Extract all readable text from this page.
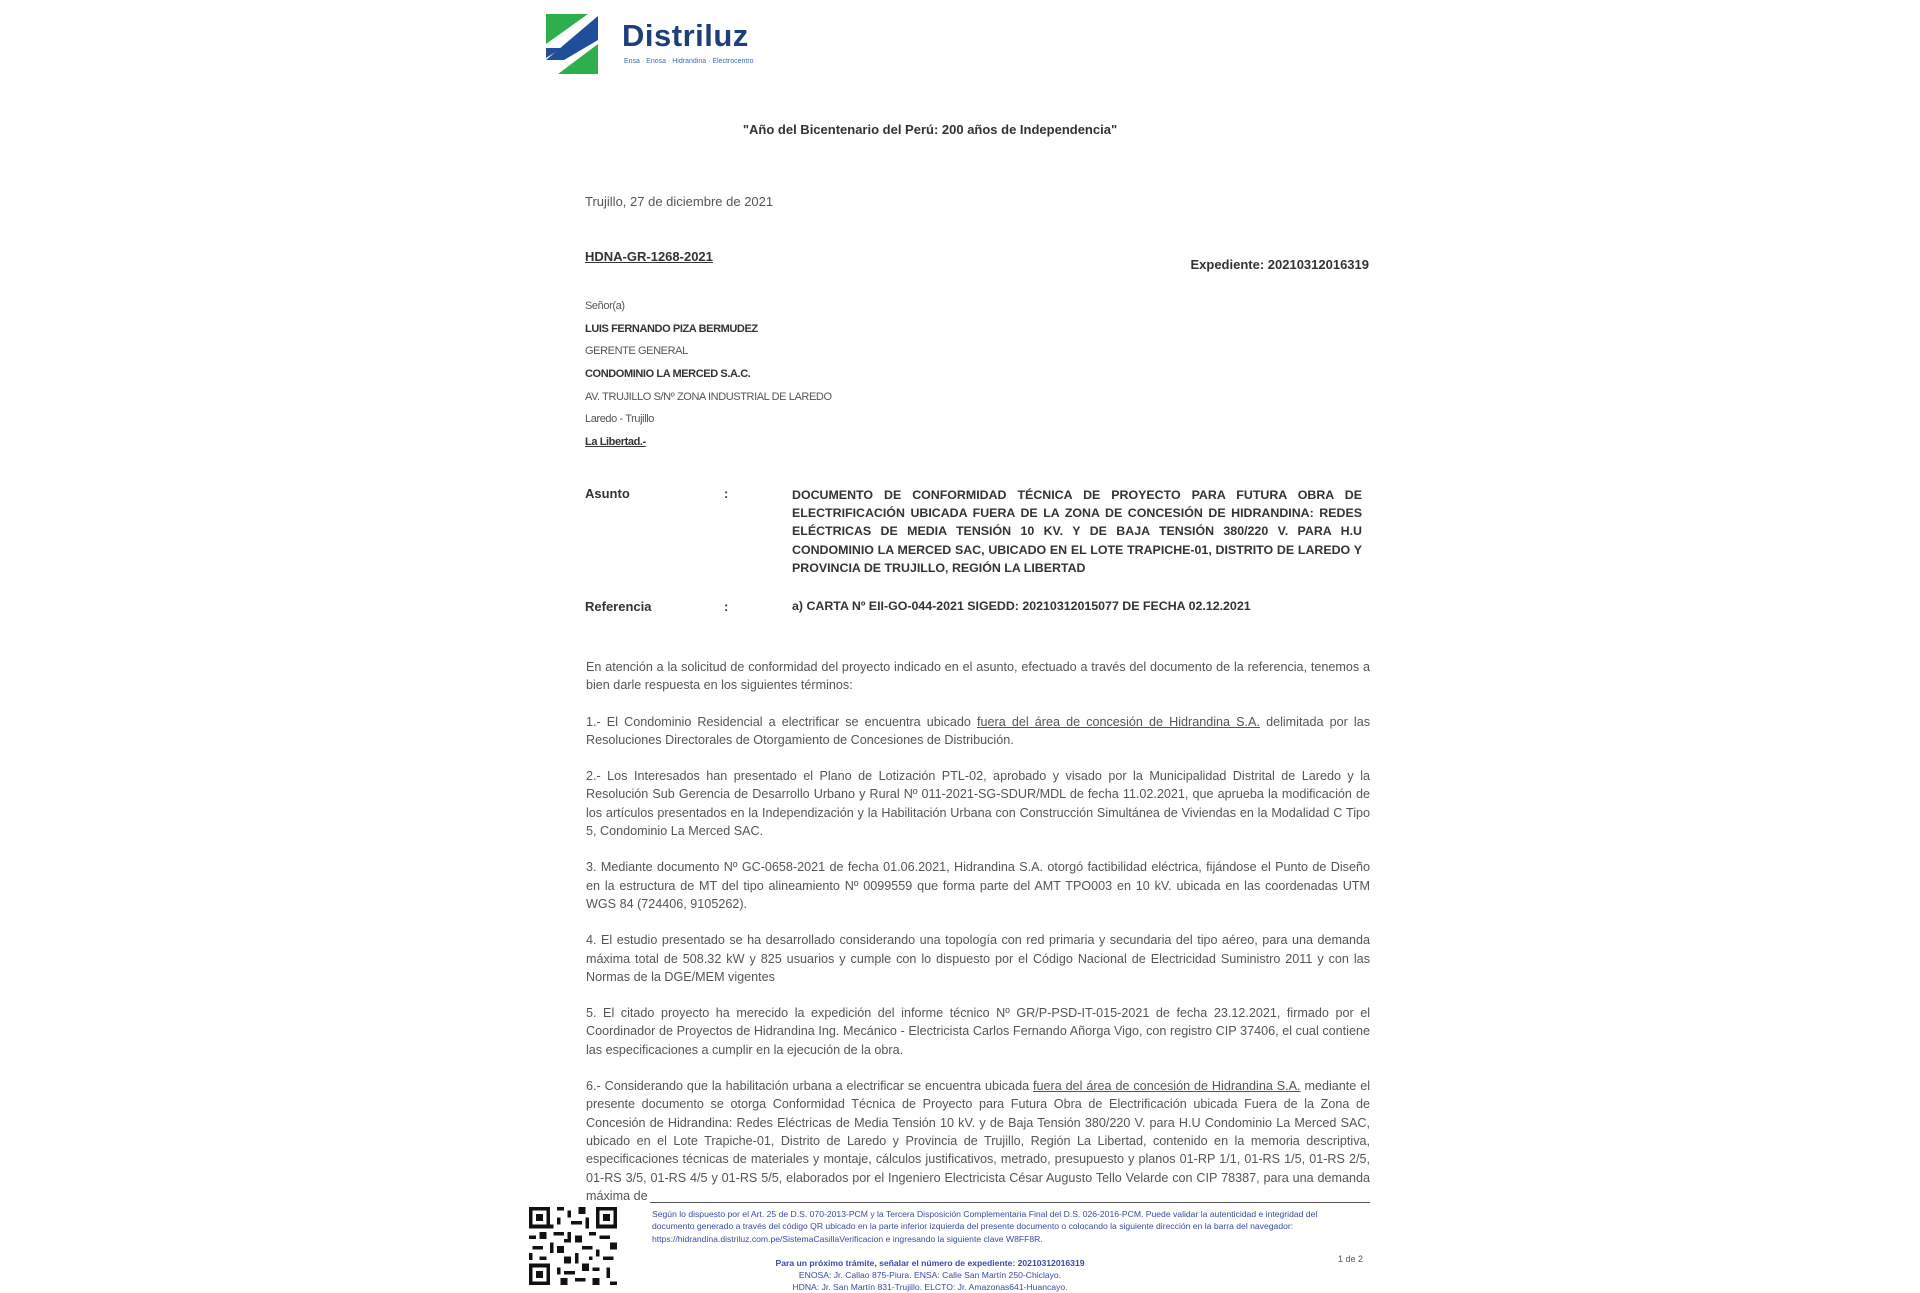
Distriluz
Ensa · Enosa · Hidrandina · Electrocentro
"Año del Bicentenario del Perú: 200 años de Independencia"
Trujillo, 27 de diciembre de 2021
HDNA-GR-1268-2021
Expediente: 20210312016319
Señor(a)
LUIS FERNANDO PIZA BERMUDEZ
GERENTE GENERAL
CONDOMINIO LA MERCED S.A.C.
AV. TRUJILLO S/Nº ZONA INDUSTRIAL DE LAREDO
Laredo - Trujillo
La Libertad.-
Asunto	:	DOCUMENTO DE CONFORMIDAD TÉCNICA DE PROYECTO PARA FUTURA OBRA DE ELECTRIFICACIÓN UBICADA FUERA DE LA ZONA DE CONCESIÓN DE HIDRANDINA: REDES ELÉCTRICAS DE MEDIA TENSIÓN 10 KV. Y DE BAJA TENSIÓN 380/220 V. PARA H.U CONDOMINIO LA MERCED SAC, UBICADO EN EL LOTE TRAPICHE-01, DISTRITO DE LAREDO Y PROVINCIA DE TRUJILLO, REGIÓN LA LIBERTAD
Referencia	:	a) CARTA Nº EII-GO-044-2021 SIGEDD: 20210312015077 DE FECHA 02.12.2021

En atención a la solicitud de conformidad del proyecto indicado en el asunto, efectuado a través del documento de la referencia, tenemos a bien darle respuesta en los siguientes términos:

1.- El Condominio Residencial a electrificar se encuentra ubicado fuera del área de concesión de Hidrandina S.A. delimitada por las Resoluciones Directorales de Otorgamiento de Concesiones de Distribución.

2.- Los Interesados han presentado el Plano de Lotización PTL-02, aprobado y visado por la Municipalidad Distrital de Laredo y la Resolución Sub Gerencia de Desarrollo Urbano y Rural Nº 011-2021-SG-SDUR/MDL de fecha 11.02.2021, que aprueba la modificación de los artículos presentados en la Independización y la Habilitación Urbana con Construcción Simultánea de Viviendas en la Modalidad C Tipo 5, Condominio La Merced SAC.

3. Mediante documento Nº GC-0658-2021 de fecha 01.06.2021, Hidrandina S.A. otorgó factibilidad eléctrica, fijándose el Punto de Diseño en la estructura de MT del tipo alineamiento Nº 0099559 que forma parte del AMT TPO003 en 10 kV. ubicada en las coordenadas UTM WGS 84 (724406, 9105262).

4. El estudio presentado se ha desarrollado considerando una topología con red primaria y secundaria del tipo aéreo, para una demanda máxima total de 508.32 kW y 825 usuarios y cumple con lo dispuesto por el Código Nacional de Electricidad Suministro 2011 y con las Normas de la DGE/MEM vigentes

5. El citado proyecto ha merecido la expedición del informe técnico Nº GR/P-PSD-IT-015-2021 de fecha 23.12.2021, firmado por el Coordinador de Proyectos de Hidrandina Ing. Mecánico - Electricista Carlos Fernando Añorga Vigo, con registro CIP 37406, el cual contiene las especificaciones a cumplir en la ejecución de la obra.

6.- Considerando que la habilitación urbana a electrificar se encuentra ubicada fuera del área de concesión de Hidrandina S.A. mediante el presente documento se otorga Conformidad Técnica de Proyecto para Futura Obra de Electrificación ubicada Fuera de la Zona de Concesión de Hidrandina: Redes Eléctricas de Media Tensión 10 kV. y de Baja Tensión 380/220 V. para H.U Condominio La Merced SAC, ubicado en el Lote Trapiche-01, Distrito de Laredo y Provincia de Trujillo, Región La Libertad, contenido en la memoria descriptiva, especificaciones técnicas de materiales y montaje, cálculos justificativos, metrado, presupuesto y planos 01-RP 1/1, 01-RS 1/5, 01-RS 2/5, 01-RS 3/5, 01-RS 4/5 y 01-RS 5/5, elaborados por el Ingeniero Electricista César Augusto Tello Velarde con CIP 78387, para una demanda máxima de

Según lo dispuesto por el Art. 25 de D.S. 070-2013-PCM y la Tercera Disposición Complementaria Final del D.S. 026-2016-PCM. Puede validar la autenticidad e integridad del documento generado a través del código QR ubicado en la parte inferior izquierda del presente documento o colocando la siguiente dirección en la barra del navegador: https://hidrandina.distriluz.com.pe/SistemaCasillaVerificacion e ingresando la siguiente clave W8FF8R.
Para un próximo trámite, señalar el número de expediente: 20210312016319
ENOSA: Jr. Callao 875-Piura. ENSA: Calle San Martín 250-Chiclayo.
HDNA: Jr. San Martín 831-Trujillo. ELCTO: Jr. Amazonas641-Huancayo.
1 de 2
